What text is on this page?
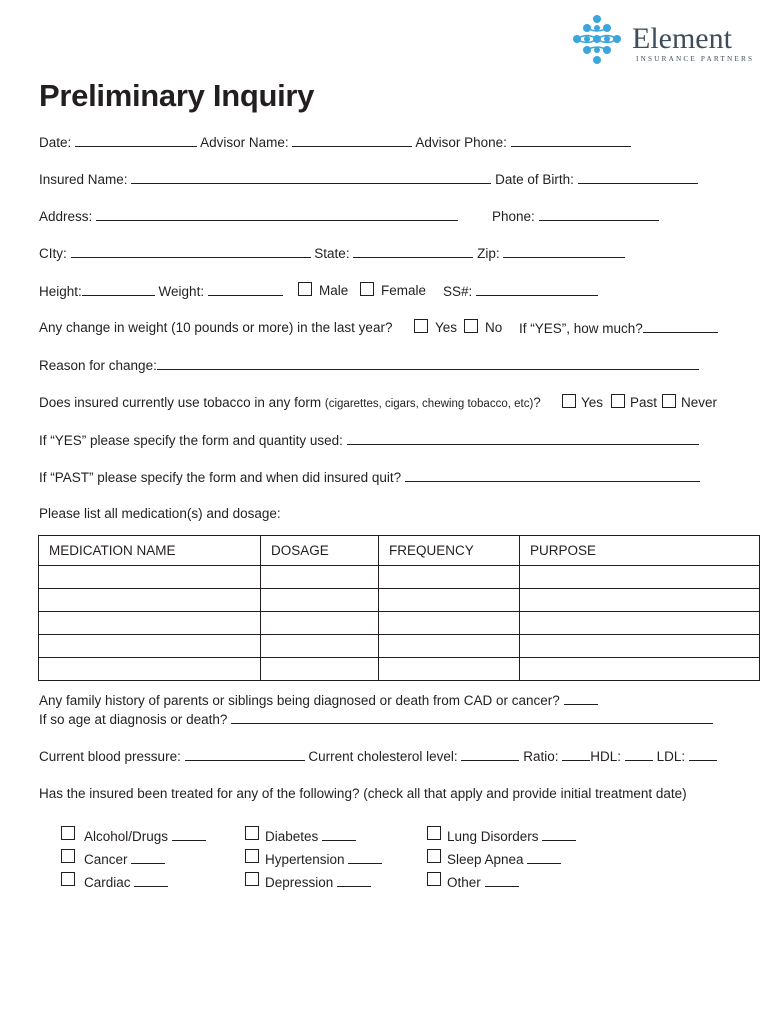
Element
INSURANCE PARTNERS
Preliminary Inquiry
Date:	Advisor Name:	Advisor Phone:
Insured Name:	Date of Birth:
Address:	Phone:
CIty:	State:	Zip:
Height:	Weight:	Male Female SS#:
Any change in weight (10 pounds or more) in the last year?	Yes No If “YES”, how much?
Reason for change:
Does insured currently use tobacco in any form (cigarettes, cigars, chewing tobacco, etc)?	Yes Past Never
If “YES” please specify the form and quantity used:
If “PAST” please specify the form and when did insured quit?
Please list all medication(s) and dosage:
MEDICATION NAME	DOSAGE	FREQUENCY	PURPOSE

Any family history of parents or siblings being diagnosed or death from CAD or cancer?
If so age at diagnosis or death?
Current blood pressure:	Current cholesterol level:	Ratio: HDL:	LDL:
Has the insured been treated for any of the following? (check all that apply and provide initial treatment date)
Alcohol/Drugs
Cancer
Cardiac
Diabetes
Hypertension
Depression
Lung Disorders
Sleep Apnea
Other
